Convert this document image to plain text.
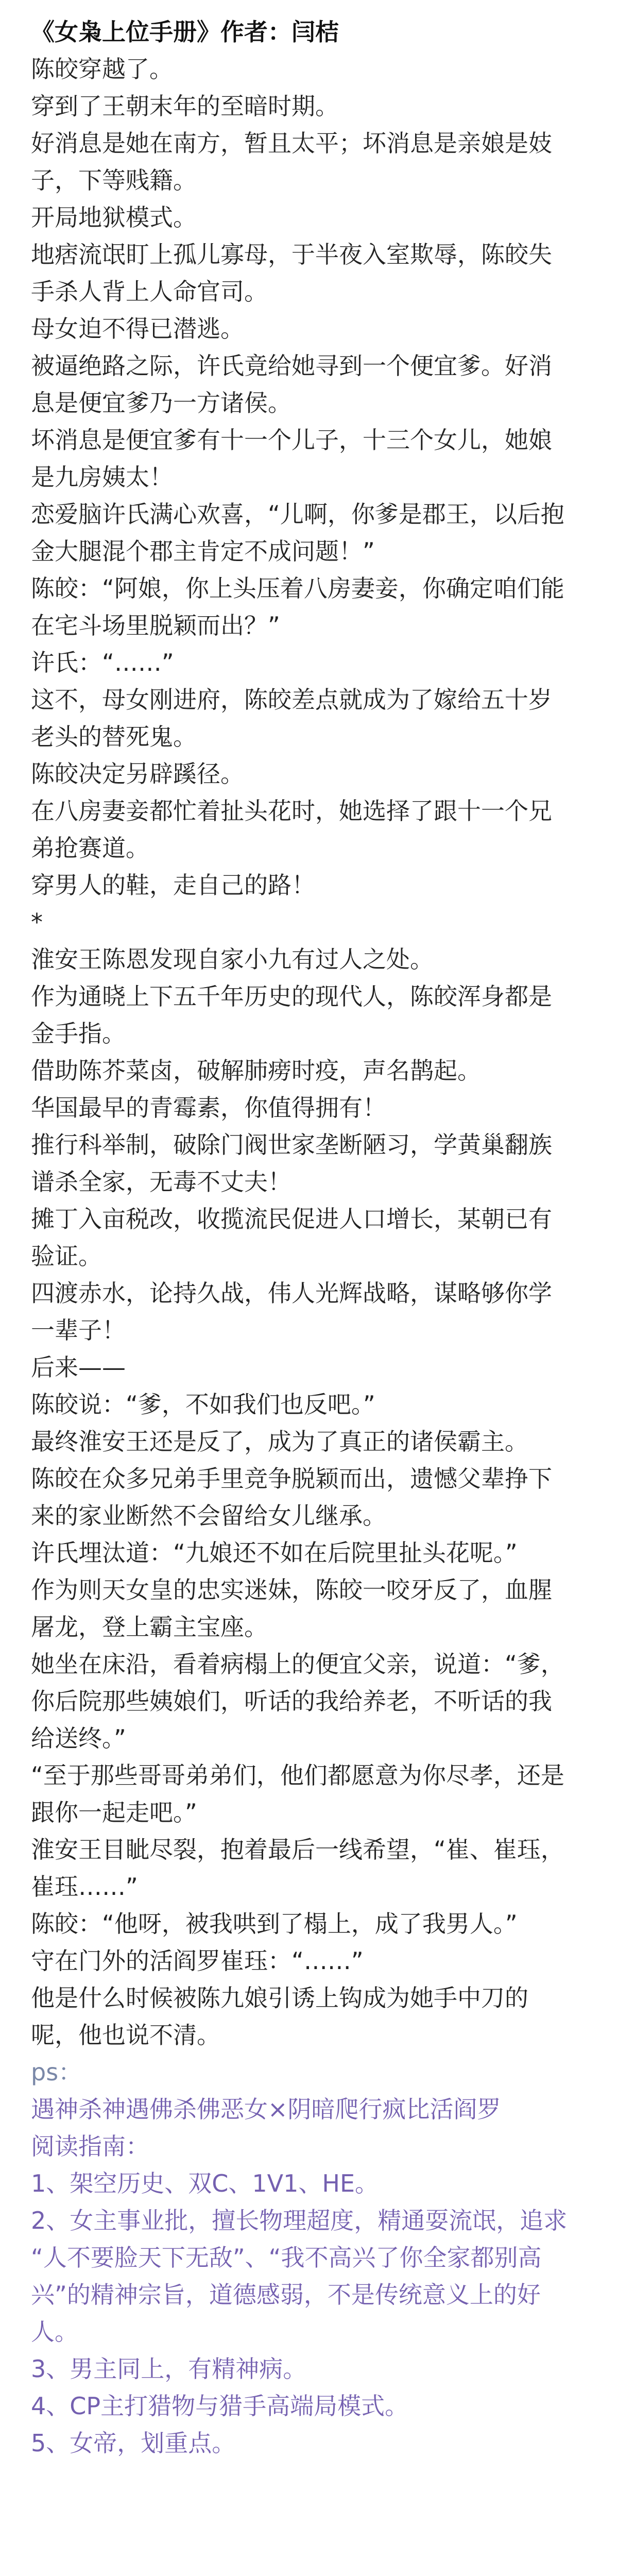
《女枭上位手册》作者：闫桔
陈皎穿越了。
穿到了王朝末年的至暗时期。
好消息是她在南方，暂且太平；坏消息是亲娘是妓
子，下等贱籍。
开局地狱模式。
地痞流氓盯上孤儿寡母，于半夜入室欺辱，陈皎失
手杀人背上人命官司。
母女迫不得已潜逃。
被逼绝路之际，许氏竟给她寻到一个便宜爹。好消
息是便宜爹乃一方诸侯。
坏消息是便宜爹有十一个儿子，十三个女儿，她娘
是九房姨太！
恋爱脑许氏满心欢喜，“儿啊，你爹是郡王，以后抱
金大腿混个郡主肯定不成问题！”
陈皎：“阿娘，你上头压着八房妻妾，你确定咱们能
在宅斗场里脱颖而出？”
许氏：“……”
这不，母女刚进府，陈皎差点就成为了嫁给五十岁
老头的替死鬼。
陈皎决定另辟蹊径。
在八房妻妾都忙着扯头花时，她选择了跟十一个兄
弟抢赛道。
穿男人的鞋，走自己的路！
*
淮安王陈恩发现自家小九有过人之处。
作为通晓上下五千年历史的现代人，陈皎浑身都是
金手指。
借助陈芥菜卤，破解肺痨时疫，声名鹊起。
华国最早的青霉素，你值得拥有！
推行科举制，破除门阀世家垄断陋习，学黄巢翻族
谱杀全家，无毒不丈夫！
摊丁入亩税改，收揽流民促进人口增长，某朝已有
验证。
四渡赤水，论持久战，伟人光辉战略，谋略够你学
一辈子！
后来——
陈皎说：“爹，不如我们也反吧。”
最终淮安王还是反了，成为了真正的诸侯霸主。
陈皎在众多兄弟手里竞争脱颖而出，遗憾父辈挣下
来的家业断然不会留给女儿继承。
许氏埋汰道：“九娘还不如在后院里扯头花呢。”
作为则天女皇的忠实迷妹，陈皎一咬牙反了，血腥
屠龙，登上霸主宝座。
她坐在床沿，看着病榻上的便宜父亲，说道：“爹，
你后院那些姨娘们，听话的我给养老，不听话的我
给送终。”
“至于那些哥哥弟弟们，他们都愿意为你尽孝，还是
跟你一起走吧。”
淮安王目眦尽裂，抱着最后一线希望，“崔、崔珏，
崔珏……”
陈皎：“他呀，被我哄到了榻上，成了我男人。”
守在门外的活阎罗崔珏：“……”
他是什么时候被陈九娘引诱上钩成为她手中刀的
呢，他也说不清。
ps：
遇神杀神遇佛杀佛恶女×阴暗爬行疯比活阎罗
阅读指南：
1、架空历史、双C、1V1、HE。
2、女主事业批，擅长物理超度，精通耍流氓，追求
“人不要脸天下无敌”、“我不高兴了你全家都别高
兴”的精神宗旨，道德感弱，不是传统意义上的好
人。
3、男主同上，有精神病。
4、CP主打猎物与猎手高端局模式。
5、女帝，划重点。
